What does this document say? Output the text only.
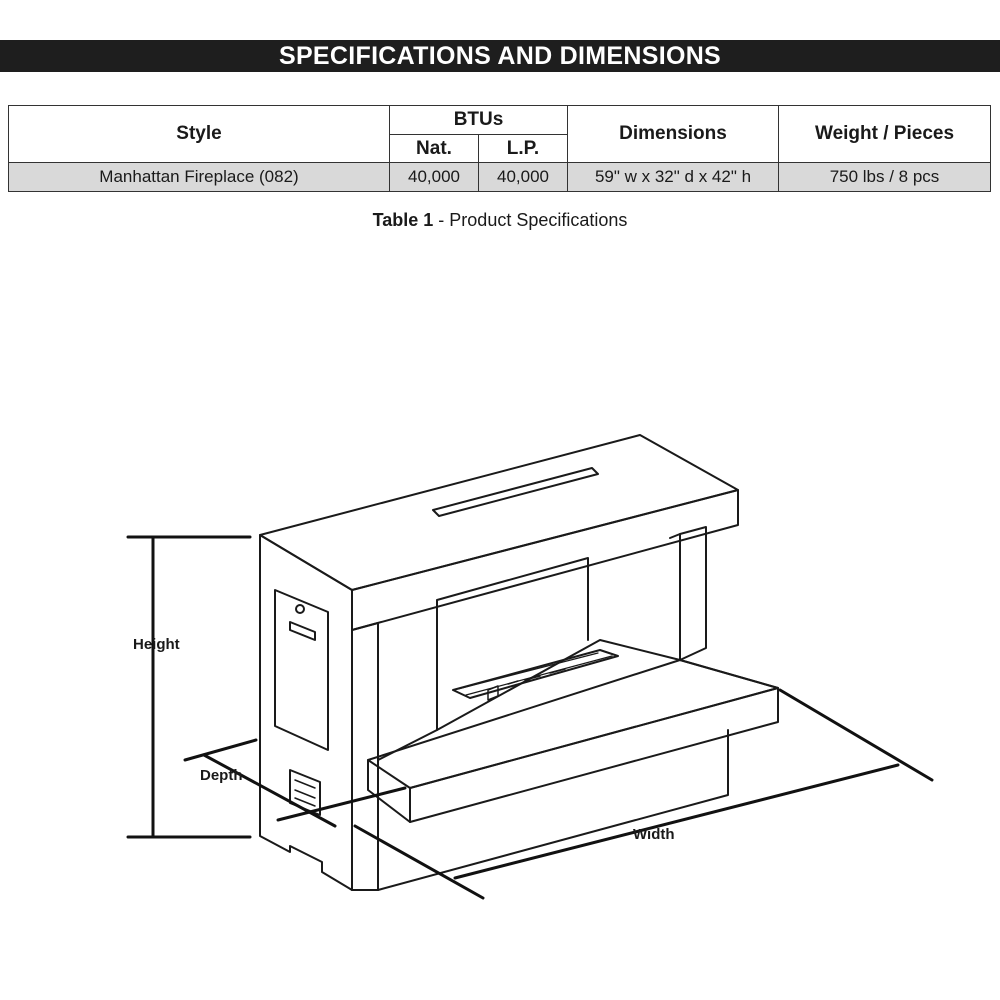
SPECIFICATIONS AND DIMENSIONS
Style	BTUs		Dimensions	Weight / Pieces
	Nat.	L.P.		
Manhattan Fireplace (082)	40,000	40,000	59" w x 32" d x 42" h	750 lbs / 8 pcs
Table 1 - Product Specifications
Height
Depth
Width
